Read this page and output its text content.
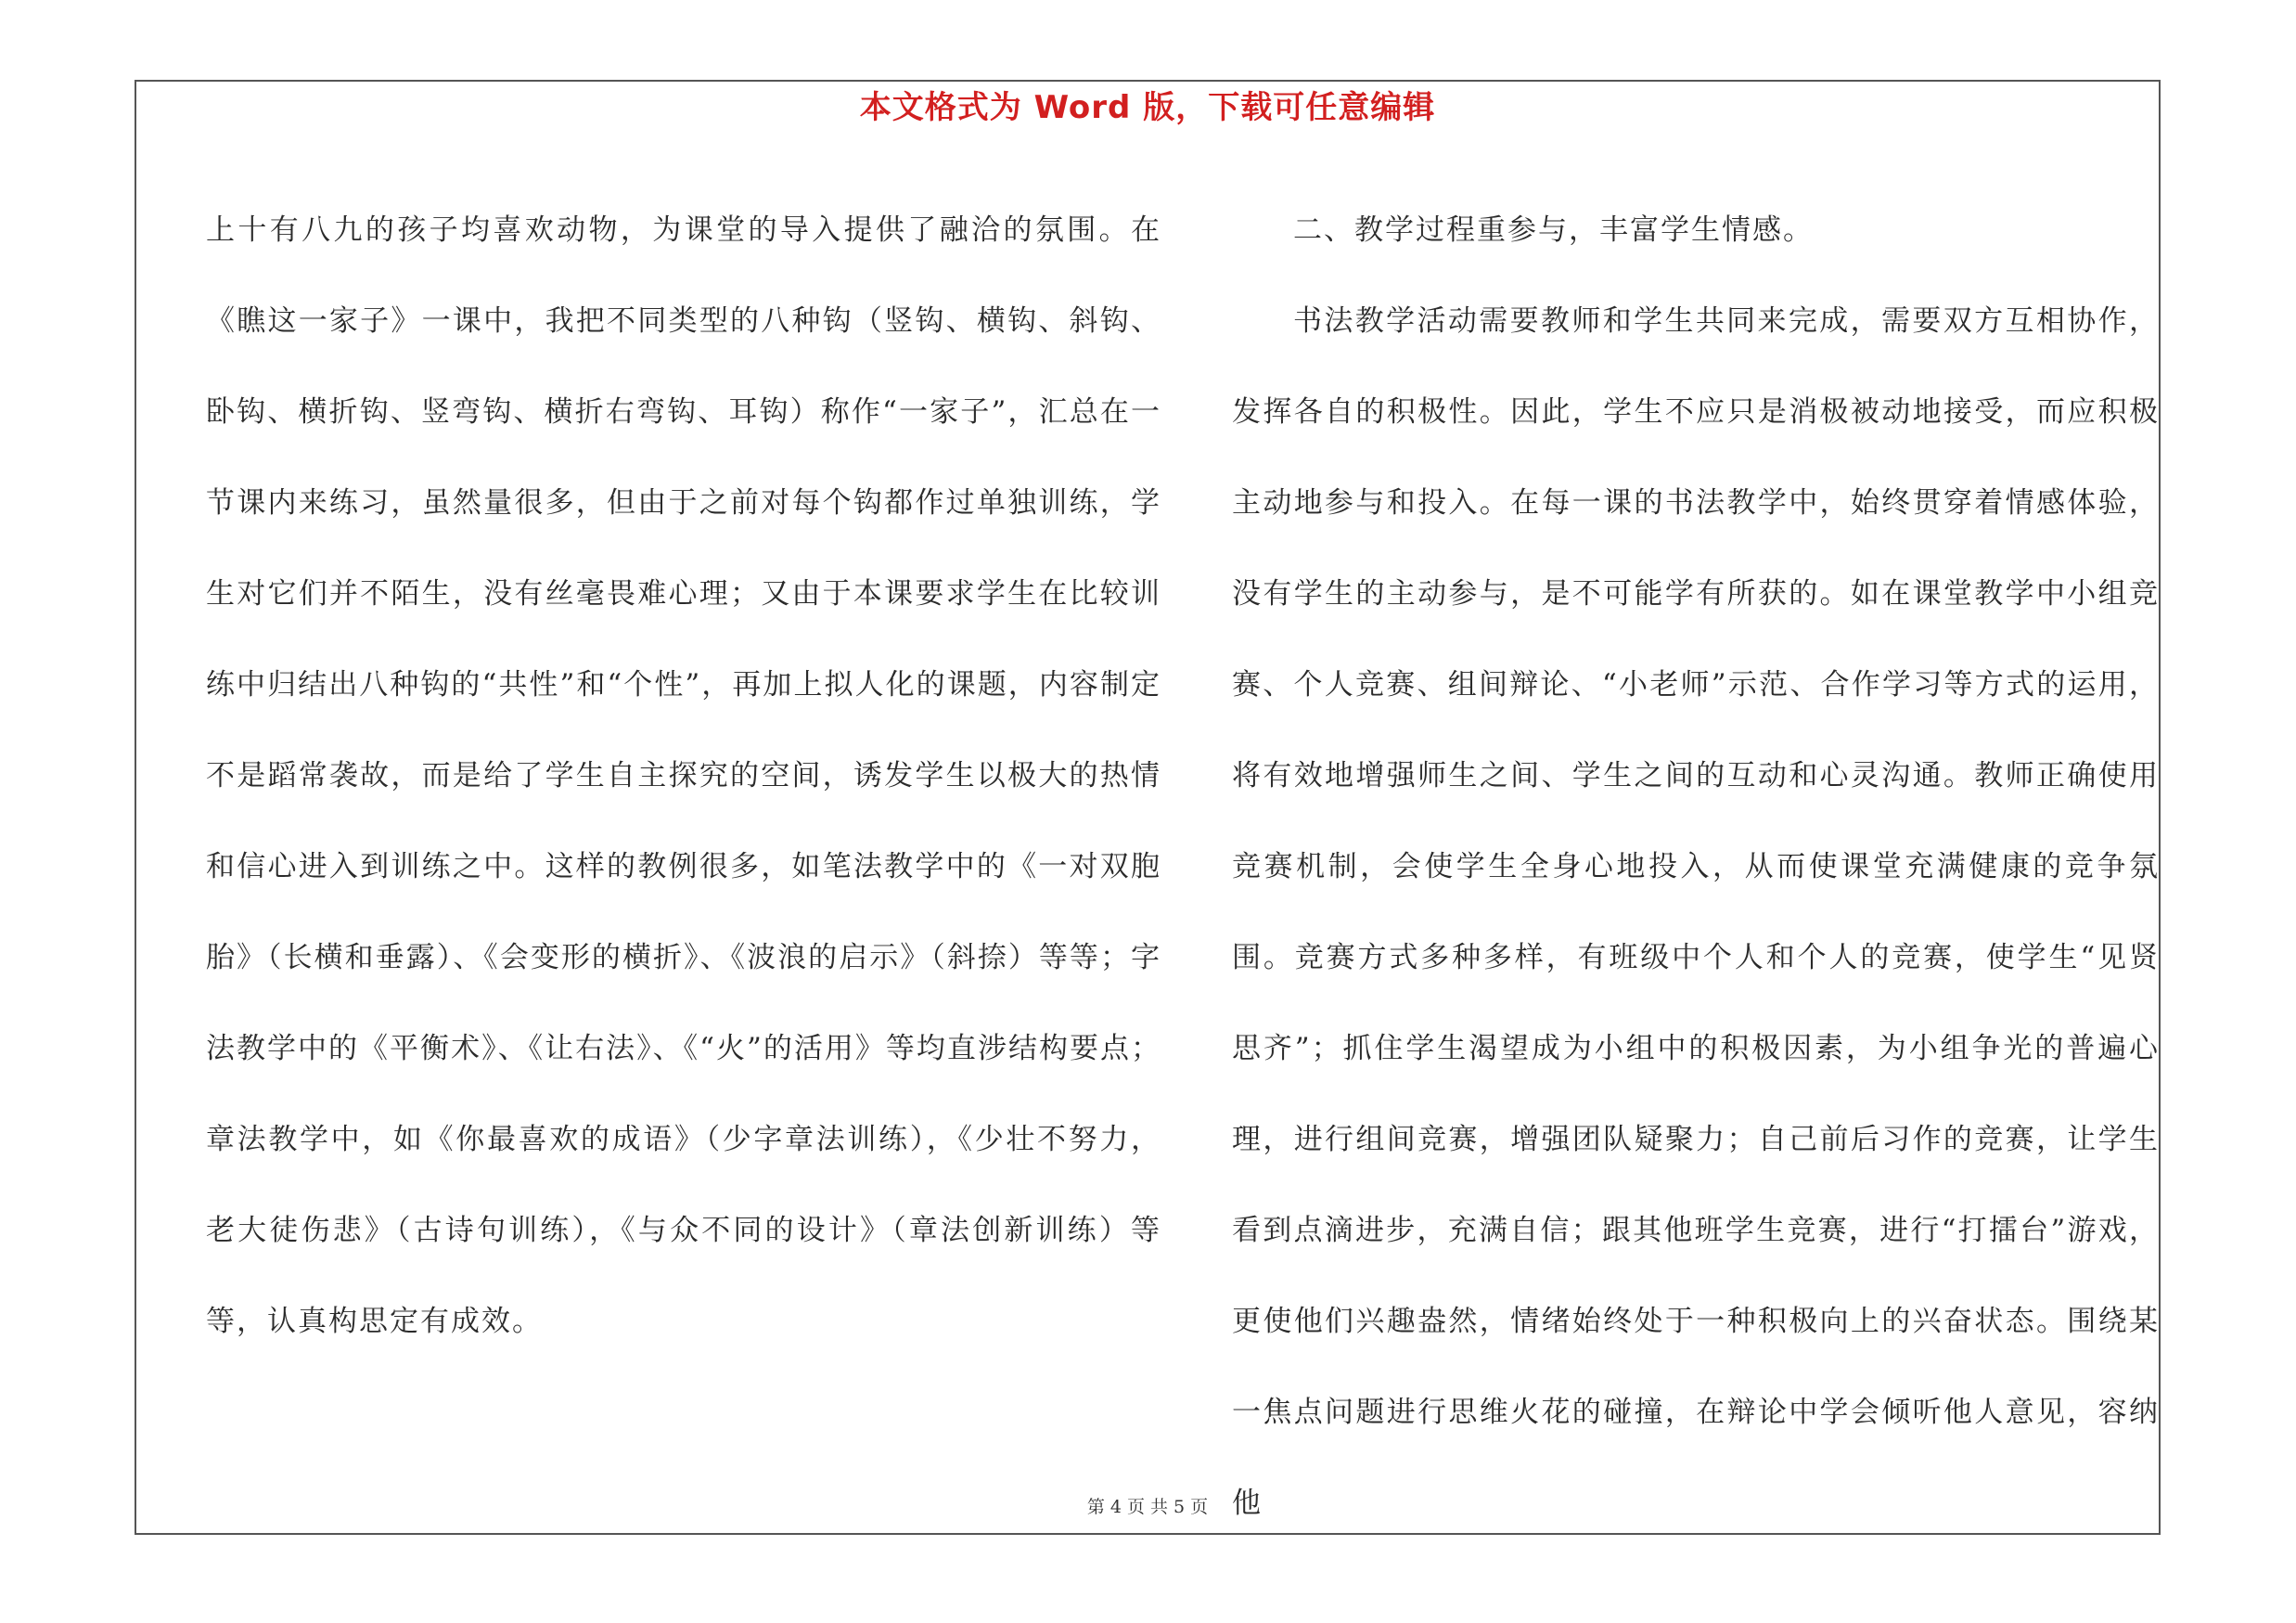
本文格式为 Word 版，下载可任意编辑

上十有八九的孩子均喜欢动物，为课堂的导入提供了融洽的氛围。在《瞧这一家子》一课中，我把不同类型的八种钩（竖钩、横钩、斜钩、卧钩、横折钩、竖弯钩、横折右弯钩、耳钩）称作“一家子”，汇总在一节课内来练习，虽然量很多，但由于之前对每个钩都作过单独训练，学生对它们并不陌生，没有丝毫畏难心理；又由于本课要求学生在比较训练中归结出八种钩的“共性”和“个性”，再加上拟人化的课题，内容制定不是蹈常袭故，而是给了学生自主探究的空间，诱发学生以极大的热情和信心进入到训练之中。这样的教例很多，如笔法教学中的《一对双胞胎》（长横和垂露）、《会变形的横折》、《波浪的启示》（斜捺）等等；字法教学中的《平衡术》、《让右法》、《“火”的活用》等均直涉结构要点；章法教学中，如《你最喜欢的成语》（少字章法训练），《少壮不努力，老大徒伤悲》（古诗句训练），《与众不同的设计》（章法创新训练）等等，认真构思定有成效。

二、教学过程重参与，丰富学生情感。

书法教学活动需要教师和学生共同来完成，需要双方互相协作，发挥各自的积极性。因此，学生不应只是消极被动地接受，而应积极主动地参与和投入。在每一课的书法教学中，始终贯穿着情感体验，没有学生的主动参与，是不可能学有所获的。如在课堂教学中小组竞赛、个人竞赛、组间辩论、“小老师”示范、合作学习等方式的运用，将有效地增强师生之间、学生之间的互动和心灵沟通。教师正确使用竞赛机制，会使学生全身心地投入，从而使课堂充满健康的竞争氛围。竞赛方式多种多样，有班级中个人和个人的竞赛，使学生“见贤思齐”；抓住学生渴望成为小组中的积极因素，为小组争光的普遍心理，进行组间竞赛，增强团队疑聚力；自己前后习作的竞赛，让学生看到点滴进步，充满自信；跟其他班学生竞赛，进行“打擂台”游戏，更使他们兴趣盎然，情绪始终处于一种积极向上的兴奋状态。围绕某一焦点问题进行思维火花的碰撞，在辩论中学会倾听他人意见，容纳他

第 4 页 共 5 页
